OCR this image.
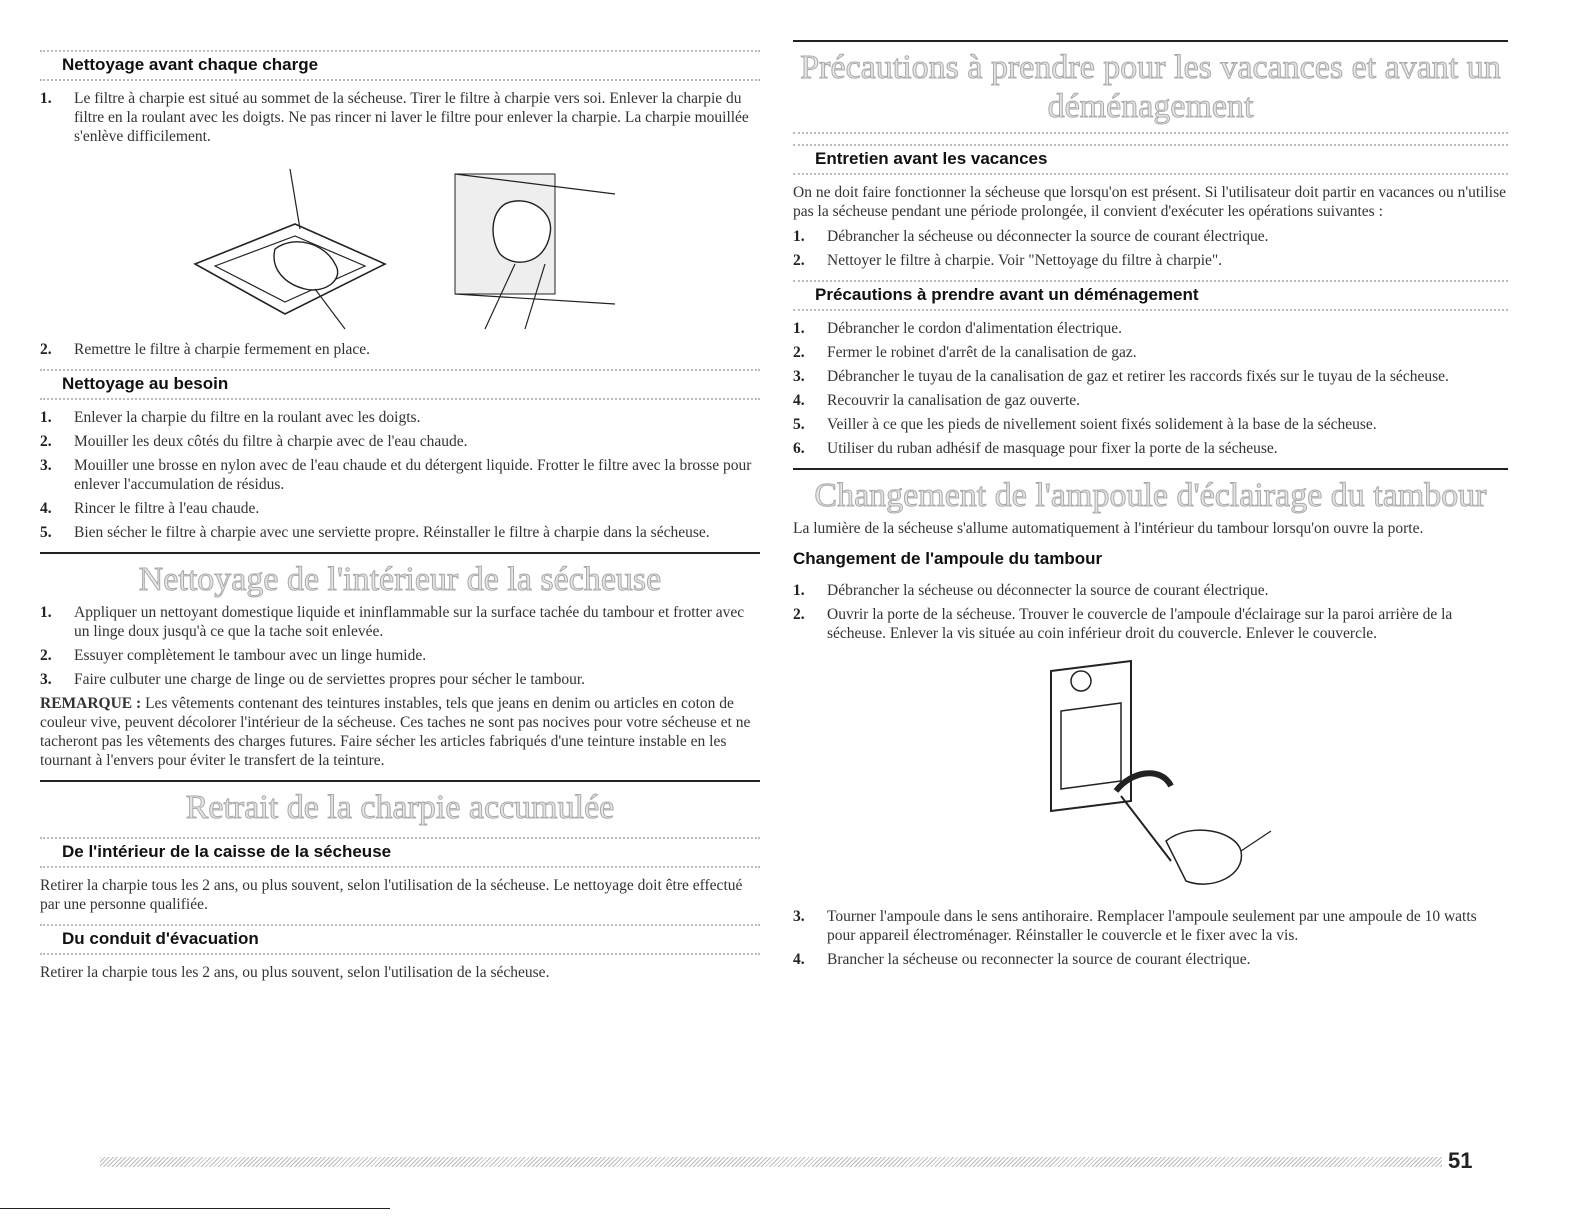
Nettoyage avant chaque charge
1. Le filtre à charpie est situé au sommet de la sécheuse. Tirer le filtre à charpie vers soi. Enlever la charpie du filtre en la roulant avec les doigts. Ne pas rincer ni laver le filtre pour enlever la charpie. La charpie mouillée s'enlève difficilement.
2. Remettre le filtre à charpie fermement en place.
Nettoyage au besoin
1. Enlever la charpie du filtre en la roulant avec les doigts.
2. Mouiller les deux côtés du filtre à charpie avec de l'eau chaude.
3. Mouiller une brosse en nylon avec de l'eau chaude et du détergent liquide. Frotter le filtre avec la brosse pour enlever l'accumulation de résidus.
4. Rincer le filtre à l'eau chaude.
5. Bien sécher le filtre à charpie avec une serviette propre. Réinstaller le filtre à charpie dans la sécheuse.
Nettoyage de l'intérieur de la sécheuse
1. Appliquer un nettoyant domestique liquide et ininflammable sur la surface tachée du tambour et frotter avec un linge doux jusqu'à ce que la tache soit enlevée.
2. Essuyer complètement le tambour avec un linge humide.
3. Faire culbuter une charge de linge ou de serviettes propres pour sécher le tambour.

REMARQUE : Les vêtements contenant des teintures instables, tels que jeans en denim ou articles en coton de couleur vive, peuvent décolorer l'intérieur de la sécheuse. Ces taches ne sont pas nocives pour votre sécheuse et ne tacheront pas les vêtements des charges futures. Faire sécher les articles fabriqués d'une teinture instable en les tournant à l'envers pour éviter le transfert de la teinture.

Retrait de la charpie accumulée
De l'intérieur de la caisse de la sécheuse

Retirer la charpie tous les 2 ans, ou plus souvent, selon l'utilisation de la sécheuse. Le nettoyage doit être effectué par une personne qualifiée.

Du conduit d'évacuation

Retirer la charpie tous les 2 ans, ou plus souvent, selon l'utilisation de la sécheuse.

Précautions à prendre pour les vacances et avant un déménagement
Entretien avant les vacances

On ne doit faire fonctionner la sécheuse que lorsqu'on est présent. Si l'utilisateur doit partir en vacances ou n'utilise pas la sécheuse pendant une période prolongée, il convient d'exécuter les opérations suivantes :

1. Débrancher la sécheuse ou déconnecter la source de courant électrique.
2. Nettoyer le filtre à charpie. Voir "Nettoyage du filtre à charpie".
Précautions à prendre avant un déménagement
1. Débrancher le cordon d'alimentation électrique.
2. Fermer le robinet d'arrêt de la canalisation de gaz.
3. Débrancher le tuyau de la canalisation de gaz et retirer les raccords fixés sur le tuyau de la sécheuse.
4. Recouvrir la canalisation de gaz ouverte.
5. Veiller à ce que les pieds de nivellement soient fixés solidement à la base de la sécheuse.
6. Utiliser du ruban adhésif de masquage pour fixer la porte de la sécheuse.
Changement de l'ampoule d'éclairage du tambour

La lumière de la sécheuse s'allume automatiquement à l'intérieur du tambour lorsqu'on ouvre la porte.

Changement de l'ampoule du tambour
1. Débrancher la sécheuse ou déconnecter la source de courant électrique.
2. Ouvrir la porte de la sécheuse. Trouver le couvercle de l'ampoule d'éclairage sur la paroi arrière de la sécheuse. Enlever la vis située au coin inférieur droit du couvercle. Enlever le couvercle.
3. Tourner l'ampoule dans le sens antihoraire. Remplacer l'ampoule seulement par une ampoule de 10 watts pour appareil électroménager. Réinstaller le couvercle et le fixer avec la vis.
4. Brancher la sécheuse ou reconnecter la source de courant électrique.
51
